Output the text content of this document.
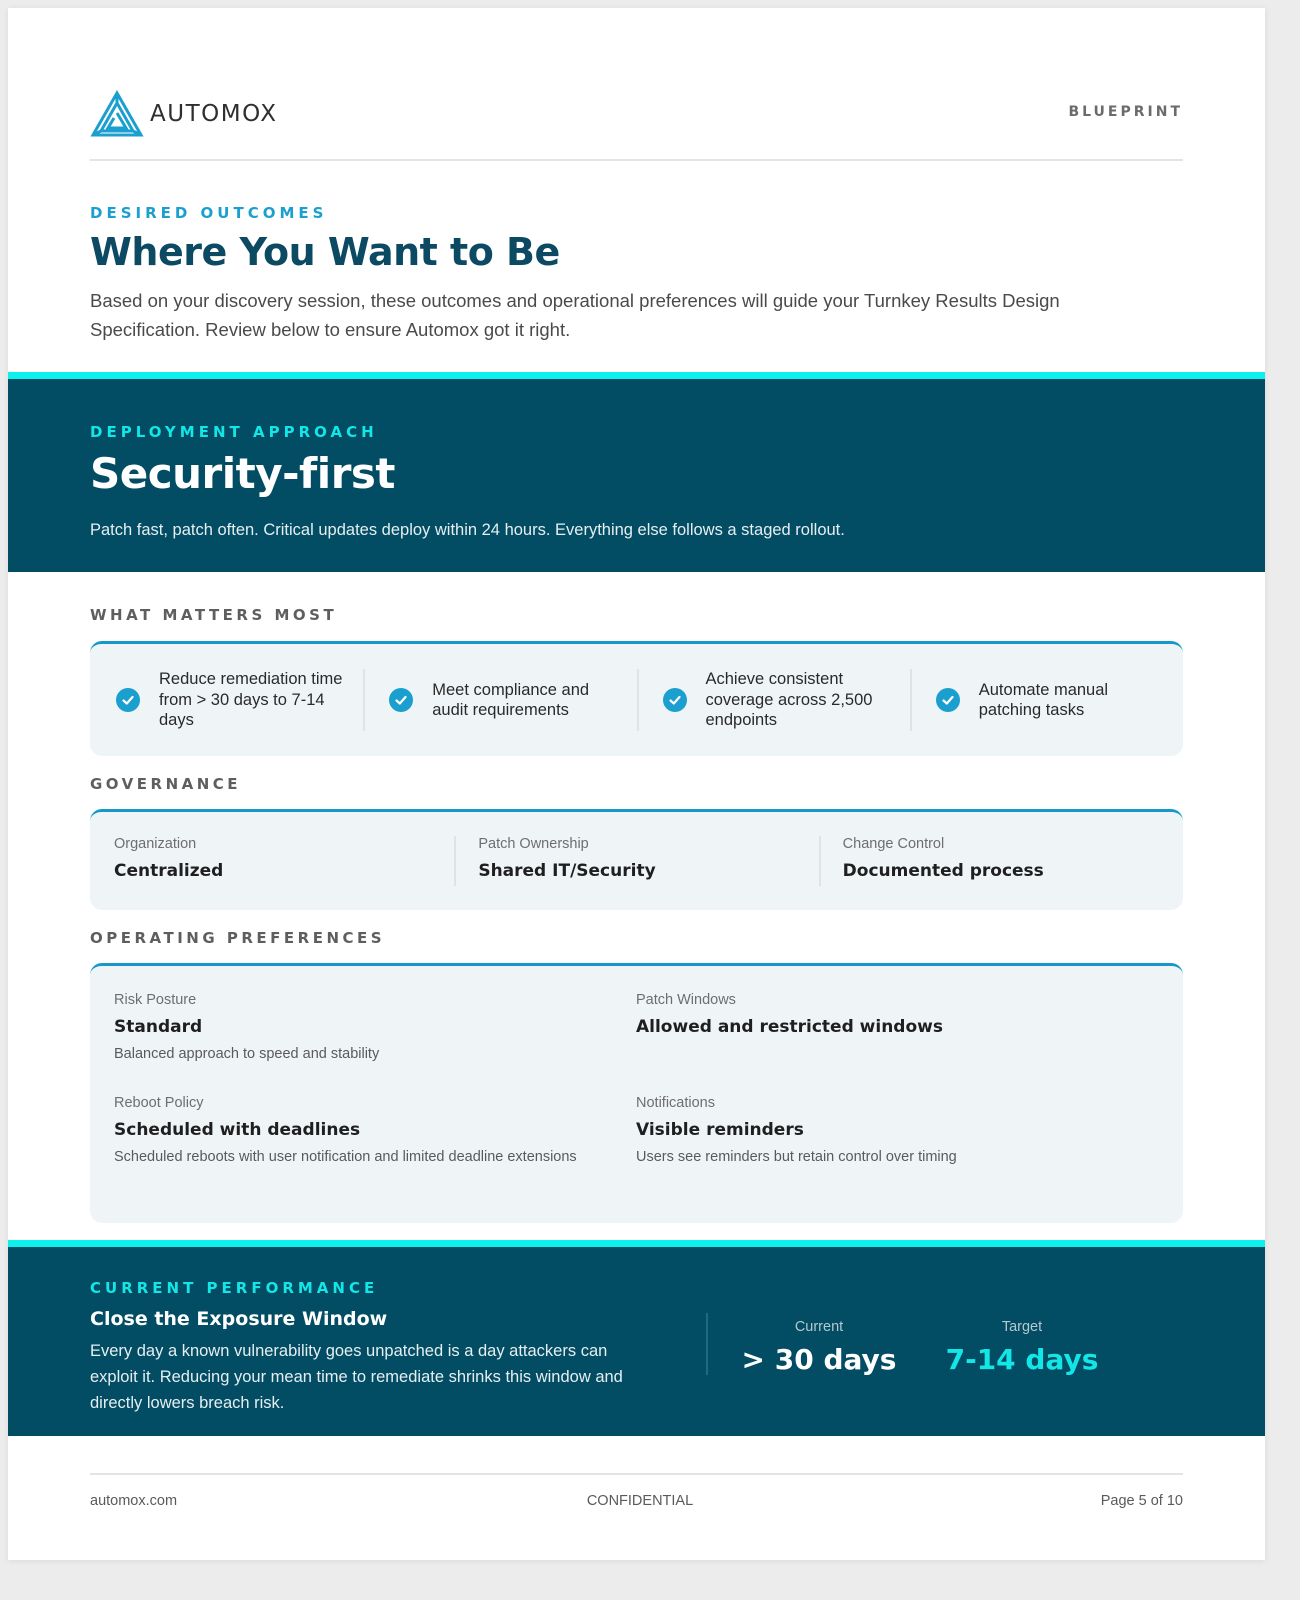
AUTOMOX	BLUEPRINT
DESIRED OUTCOMES
Where You Want to Be

Based on your discovery session, these outcomes and operational preferences will guide your Turnkey Results Design Specification. Review below to ensure Automox got it right.

DEPLOYMENT APPROACH
Security-first

Patch fast, patch often. Critical updates deploy within 24 hours. Everything else follows a staged rollout.

WHAT MATTERS MOST
Reduce remediation time from > 30 days to 7-14 days
Meet compliance and audit requirements
Achieve consistent coverage across 2,500 endpoints
Automate manual patching tasks
GOVERNANCE
Organization
Centralized
Patch Ownership
Shared IT/Security
Change Control
Documented process
OPERATING PREFERENCES
Risk Posture
Standard
Balanced approach to speed and stability
Patch Windows
Allowed and restricted windows
Reboot Policy
Scheduled with deadlines
Scheduled reboots with user notification and limited deadline extensions
Notifications
Visible reminders
Users see reminders but retain control over timing
CURRENT PERFORMANCE
Close the Exposure Window

Every day a known vulnerability goes unpatched is a day attackers can exploit it. Reducing your mean time to remediate shrinks this window and directly lowers breach risk.

Current
> 30 days
Target
7-14 days
automox.com	CONFIDENTIAL	Page 5 of 10
